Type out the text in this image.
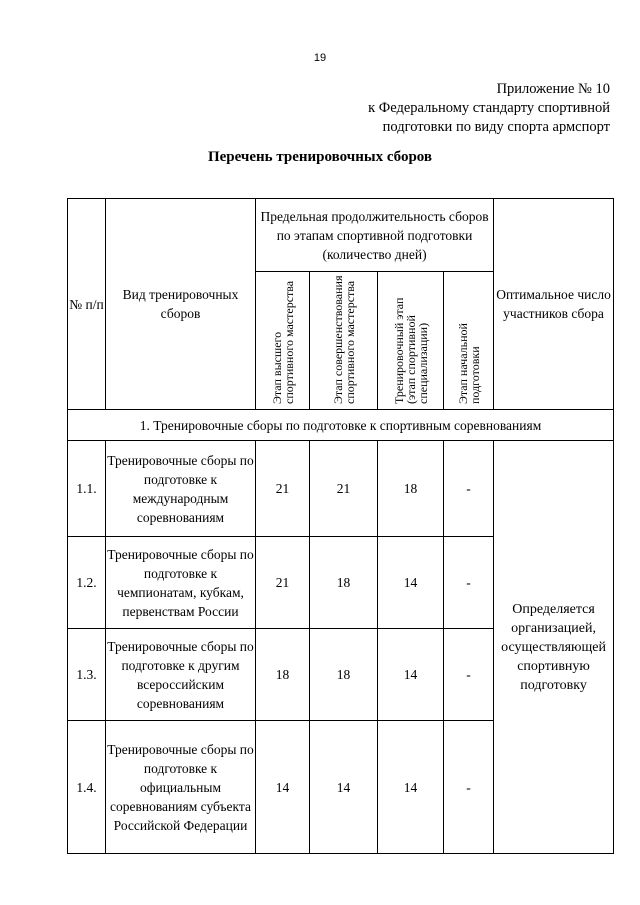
19
Приложение № 10
к Федеральному стандарту спортивной
подготовки по виду спорта армспорт
Перечень тренировочных сборов
№ п/п	Вид тренировочных сборов	Предельная продолжительность сборов по этапам спортивной подготовки (количество дней)				Оптимальное число участников сбора
		Этап высшего спортивного мастерства	Этап совершенствования спортивного мастерства	Тренировочный этап (этап спортивной специализации)	Этап начальной подготовки	
1. Тренировочные сборы по подготовке к спортивным соревнованиям						
1.1.	Тренировочные сборы по подготовке к международным соревнованиям	21	21	18	-	Определяется организацией, осуществляющей спортивную подготовку
1.2.	Тренировочные сборы по подготовке к чемпионатам, кубкам, первенствам России	21	18	14	-	
1.3.	Тренировочные сборы по подготовке к другим всероссийским соревнованиям	18	18	14	-	
1.4.	Тренировочные сборы по подготовке к официальным соревнованиям субъекта Российской Федерации	14	14	14	-	
